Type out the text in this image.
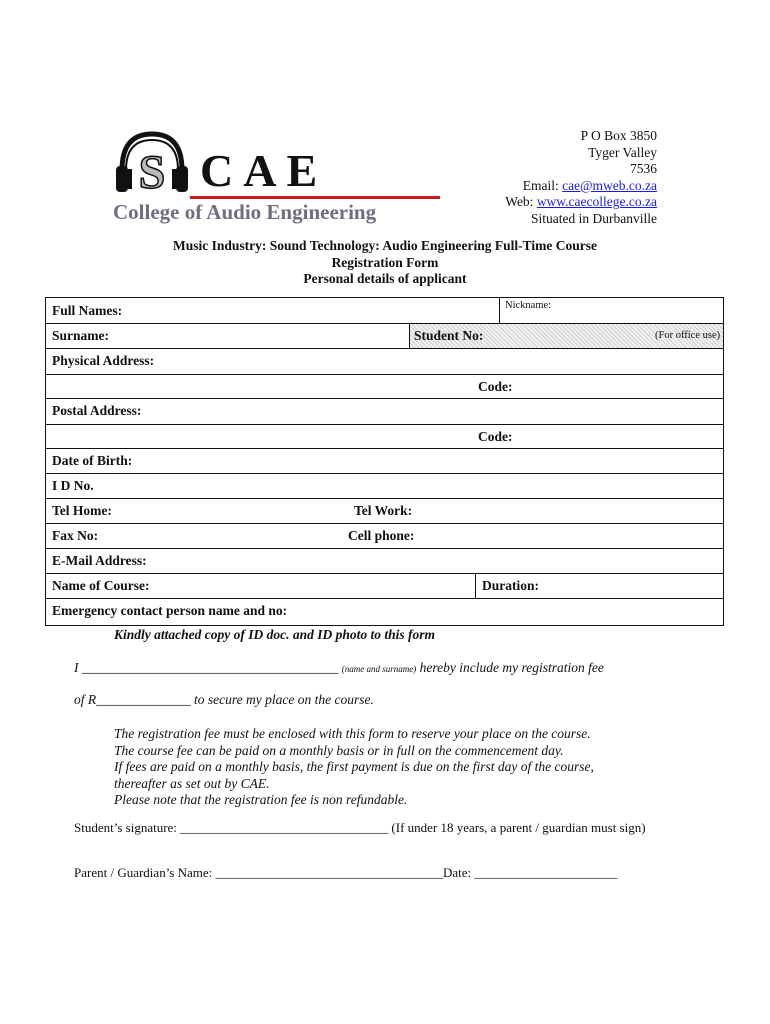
S CAE
College of Audio Engineering
P O Box 3850
Tyger Valley
7536
Email: cae@mweb.co.za
Web: www.caecollege.co.za
Situated in Durbanville
Music Industry: Sound Technology: Audio Engineering Full-Time Course
Registration Form
Personal details of applicant
Full Names:	Nickname:
Surname:	Student No:	(For office use)
Physical Address:
Code:
Postal Address:
Code:
Date of Birth:
I D No.
Tel Home:	Tel Work:
Fax No:	Cell phone:
E-Mail Address:
Name of Course:	Duration:
Emergency contact person name and no:
Kindly attached copy of ID doc. and ID photo to this form
I ______________________________________ (name and surname) hereby include my registration fee
of R______________ to secure my place on the course.
The registration fee must be enclosed with this form to reserve your place on the course.
The course fee can be paid on a monthly basis or in full on the commencement day.
If fees are paid on a monthly basis, the first payment is due on the first day of the course,
thereafter as set out by CAE.
Please note that the registration fee is non refundable.
Student’s signature: ________________________________ (If under 18 years, a parent / guardian must sign)
Parent / Guardian’s Name: ___________________________________Date: ______________________
